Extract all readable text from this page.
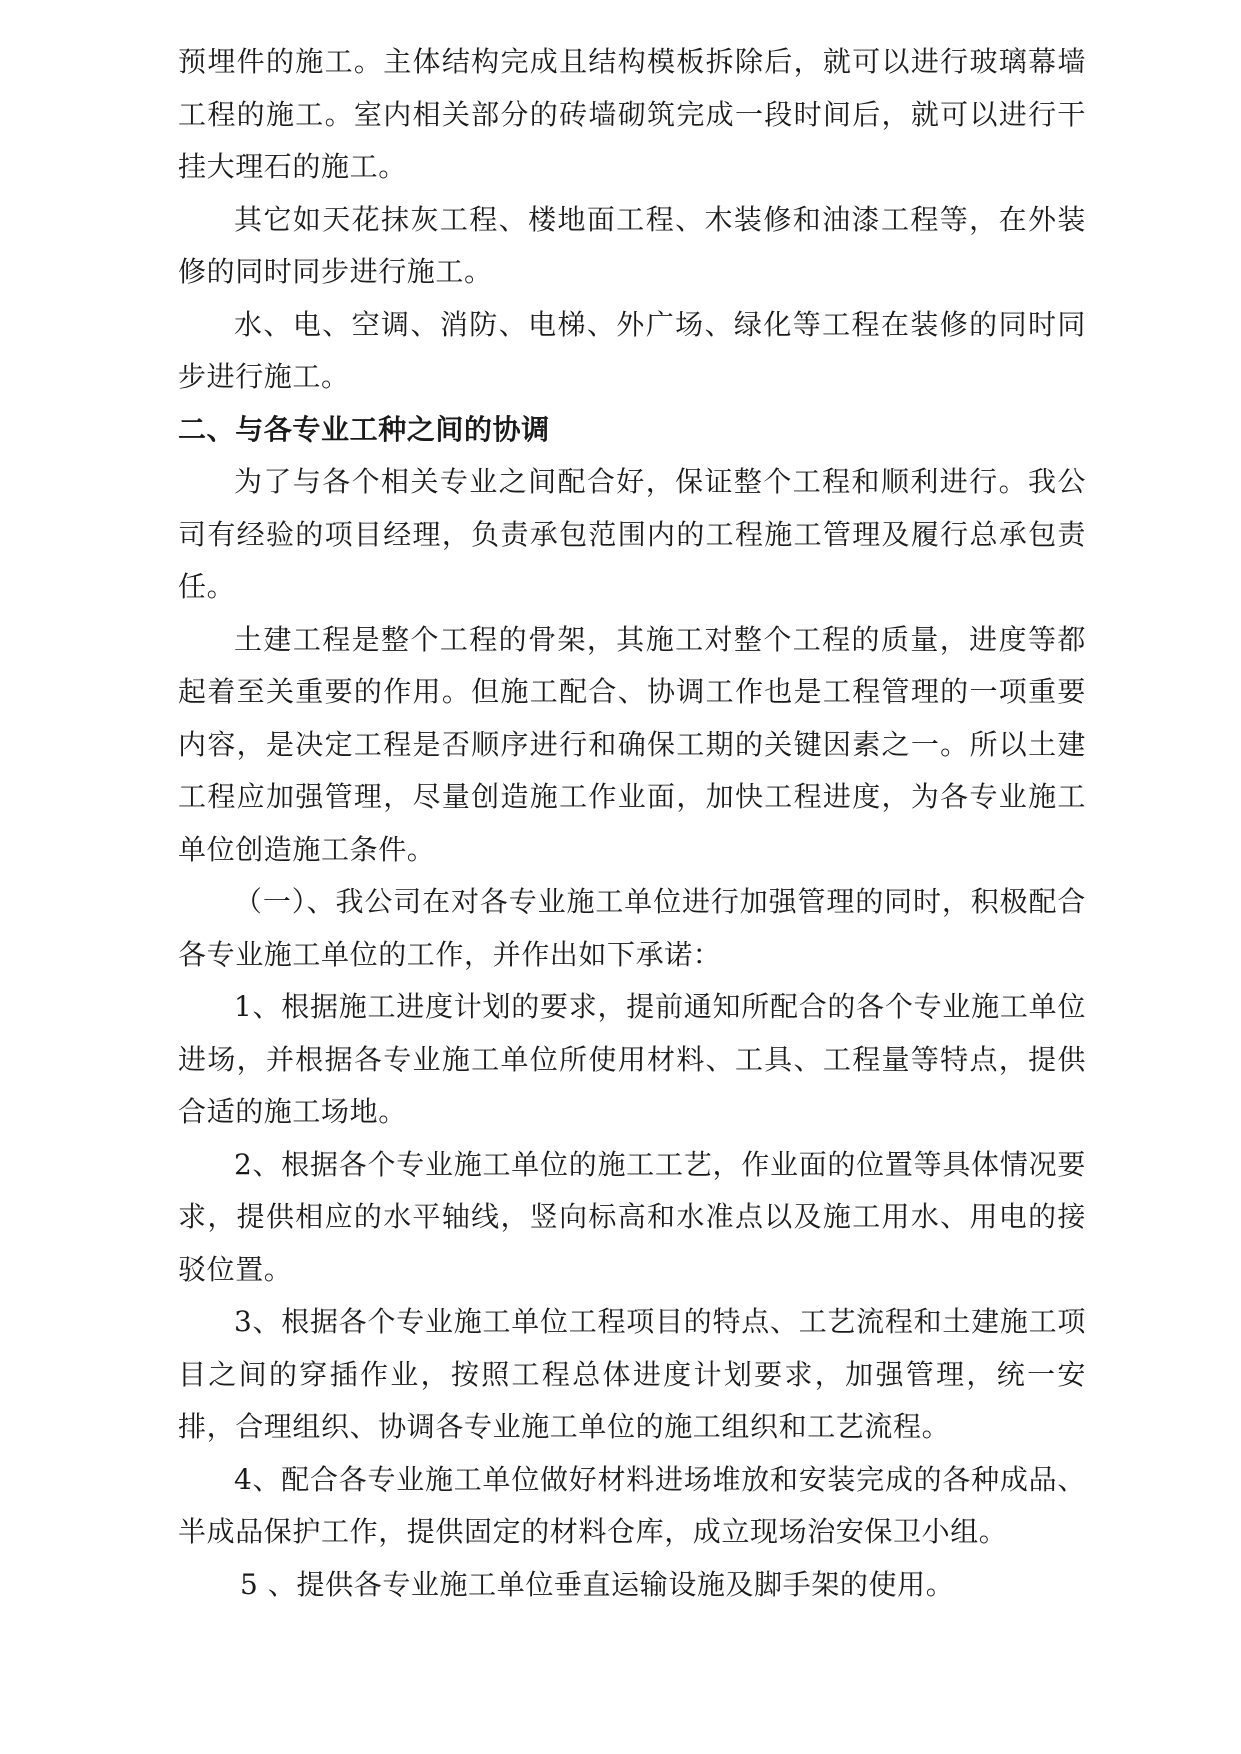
预埋件的施工。主体结构完成且结构模板拆除后，就可以进行玻璃幕墙工程的施工。室内相关部分的砖墙砌筑完成一段时间后，就可以进行干挂大理石的施工。

其它如天花抹灰工程、楼地面工程、木装修和油漆工程等，在外装修的同时同步进行施工。

水、电、空调、消防、电梯、外广场、绿化等工程在装修的同时同步进行施工。

二、与各专业工种之间的协调

为了与各个相关专业之间配合好，保证整个工程和顺利进行。我公司有经验的项目经理，负责承包范围内的工程施工管理及履行总承包责任。

土建工程是整个工程的骨架，其施工对整个工程的质量，进度等都起着至关重要的作用。但施工配合、协调工作也是工程管理的一项重要内容，是决定工程是否顺序进行和确保工期的关键因素之一。所以土建工程应加强管理，尽量创造施工作业面，加快工程进度，为各专业施工单位创造施工条件。

（一）、我公司在对各专业施工单位进行加强管理的同时，积极配合各专业施工单位的工作，并作出如下承诺：

1、根据施工进度计划的要求，提前通知所配合的各个专业施工单位进场，并根据各专业施工单位所使用材料、工具、工程量等特点，提供合适的施工场地。

2、根据各个专业施工单位的施工工艺，作业面的位置等具体情况要求，提供相应的水平轴线，竖向标高和水准点以及施工用水、用电的接驳位置。

3、根据各个专业施工单位工程项目的特点、工艺流程和土建施工项目之间的穿插作业，按照工程总体进度计划要求，加强管理，统一安排，合理组织、协调各专业施工单位的施工组织和工艺流程。

4、配合各专业施工单位做好材料进场堆放和安装完成的各种成品、半成品保护工作，提供固定的材料仓库，成立现场治安保卫小组。

5 、提供各专业施工单位垂直运输设施及脚手架的使用。
